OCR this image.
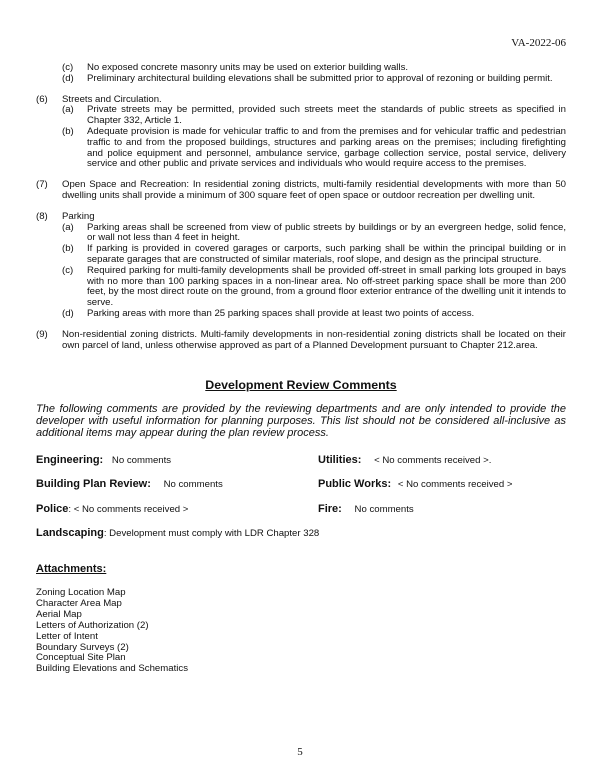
VA-2022-06
(c) No exposed concrete masonry units may be used on exterior building walls.
(d) Preliminary architectural building elevations shall be submitted prior to approval of rezoning or building permit.
(6) Streets and Circulation.
(a) Private streets may be permitted, provided such streets meet the standards of public streets as specified in Chapter 332, Article 1.
(b) Adequate provision is made for vehicular traffic to and from the premises and for vehicular traffic and pedestrian traffic to and from the proposed buildings, structures and parking areas on the premises; including firefighting and police equipment and personnel, ambulance service, garbage collection service, postal service, delivery service and other public and private services and individuals who would require access to the premises.
(7) Open Space and Recreation: In residential zoning districts, multi-family residential developments with more than 50 dwelling units shall provide a minimum of 300 square feet of open space or outdoor recreation per dwelling unit.
(8) Parking
(a) Parking areas shall be screened from view of public streets by buildings or by an evergreen hedge, solid fence, or wall not less than 4 feet in height.
(b) If parking is provided in covered garages or carports, such parking shall be within the principal building or in separate garages that are constructed of similar materials, roof slope, and design as the principal structure.
(c) Required parking for multi-family developments shall be provided off-street in small parking lots grouped in bays with no more than 100 parking spaces in a non-linear area. No off-street parking space shall be more than 200 feet, by the most direct route on the ground, from a ground floor exterior entrance of the dwelling unit it intends to serve.
(d) Parking areas with more than 25 parking spaces shall provide at least two points of access.
(9) Non-residential zoning districts. Multi-family developments in non-residential zoning districts shall be located on their own parcel of land, unless otherwise approved as part of a Planned Development pursuant to Chapter 212.area.
Development Review Comments
The following comments are provided by the reviewing departments and are only intended to provide the developer with useful information for planning purposes. This list should not be considered all-inclusive as additional items may appear during the plan review process.
Engineering: No comments	Utilities: < No comments received >.
Building Plan Review: No comments	Public Works: < No comments received >
Police: < No comments received >	Fire: No comments
Landscaping: Development must comply with LDR Chapter 328
Attachments:
Zoning Location Map
Character Area Map
Aerial Map
Letters of Authorization (2)
Letter of Intent
Boundary Surveys (2)
Conceptual Site Plan
Building Elevations and Schematics
5
